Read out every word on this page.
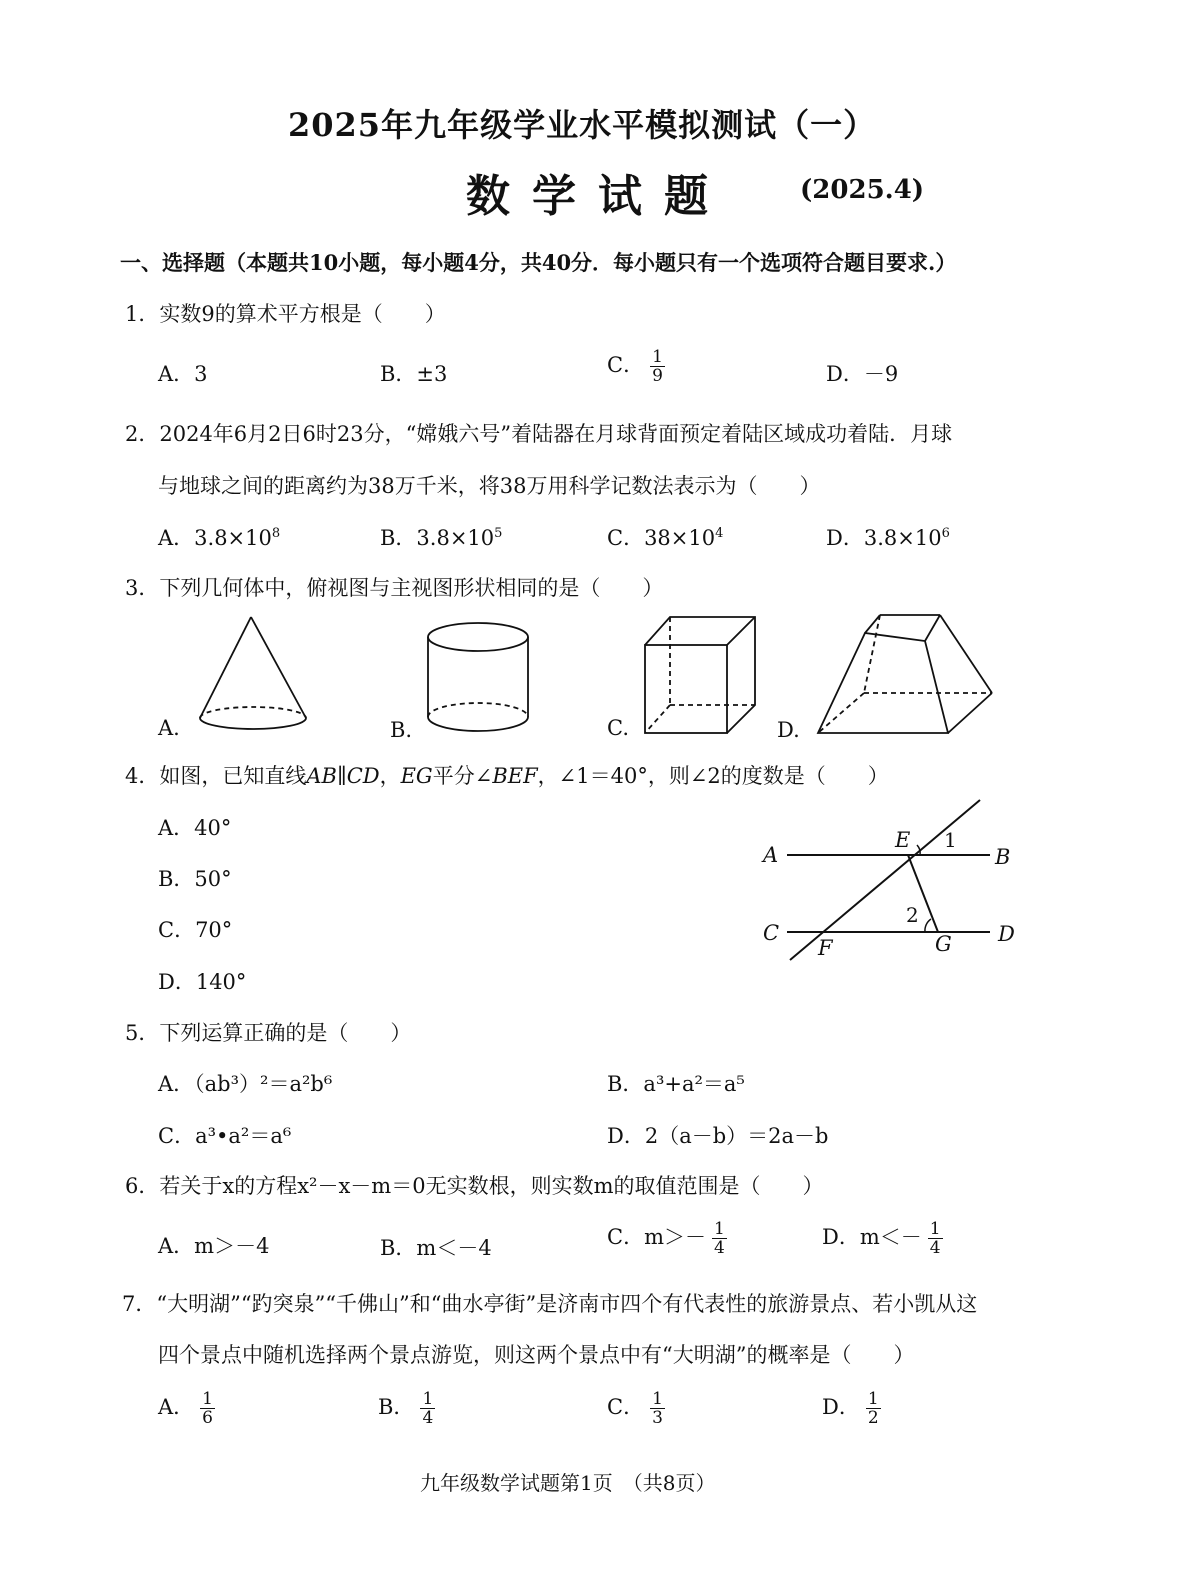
2025年九年级学业水平模拟测试（一）
数学试题	(2025.4)
一、选择题（本题共10小题，每小题4分，共40分．每小题只有一个选项符合题目要求.）
1．实数9的算术平方根是（　　）
A．3	B．±3	C． $\frac{1}{9}$	D．－9
2．2024年6月2日6时23分，“嫦娥六号”着陆器在月球背面预定着陆区域成功着陆．月球
与地球之间的距离约为38万千米，将38万用科学记数法表示为（　　）
A．$3.8\times 10^8$	B．$3.8\times 10^5$	C．$38\times 10^4$	D．$3.8\times 10^6$
3．下列几何体中，俯视图与主视图形状相同的是（　　）
A.	B.	C.	D.
4．如图，已知直线AB∥CD，EG平分∠BEF，∠1＝40°，则∠2的度数是（　　）
A．40°
B．50°
C．70°
D．140°
A	B
C	D
E
F	G
1
2
5．下列运算正确的是（　　）
A．（ab³）²＝a²b⁶	B．a³+a²＝a⁵
C．a³•a²＝a⁶	D．2（a－b）＝2a－b
6．若关于x的方程x²－x－m＝0无实数根，则实数m的取值范围是（　　）
A．m＞－4	B．m＜－4	C．$m>- \frac{1}{4}$	D．$m<- \frac{1}{4}$
7．“大明湖”“趵突泉”“千佛山”和“曲水亭街”是济南市四个有代表性的旅游景点、若小凯从这
四个景点中随机选择两个景点游览，则这两个景点中有“大明湖”的概率是（　　）
A． $\frac{1}{6}$	B． $\frac{1}{4}$	C． $\frac{1}{3}$	D． $\frac{1}{2}$
九年级数学试题第1页　（共8页）
